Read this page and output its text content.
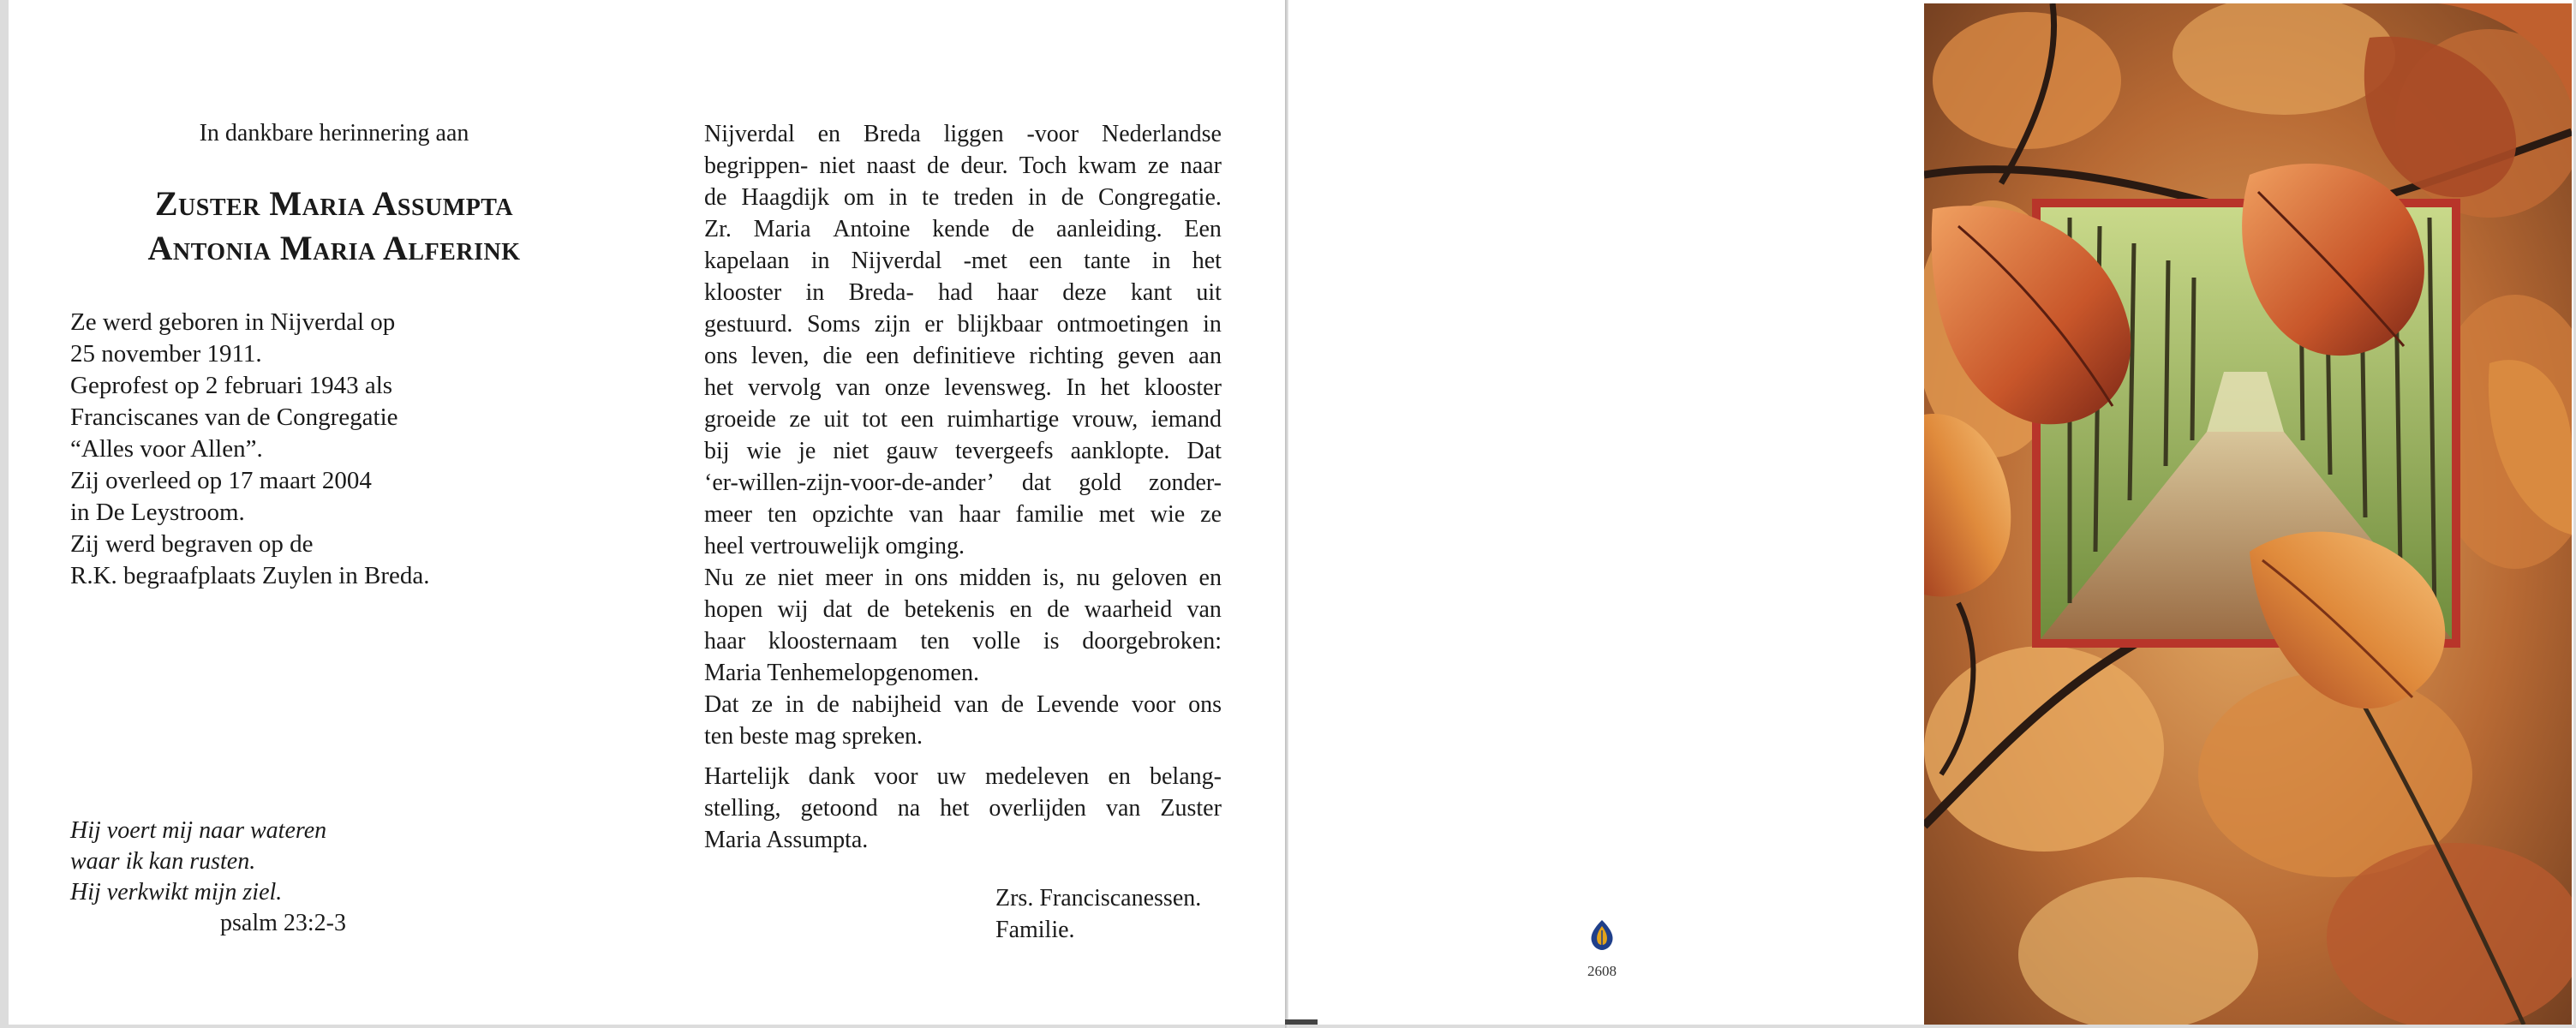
In dankbare herinnering aan
Zuster Maria Assumpta
Antonia Maria Alferink
Ze werd geboren in Nijverdal op
25 november 1911.
Geprofest op 2 februari 1943 als
Franciscanes van de Congregatie
“Alles voor Allen”.
Zij overleed op 17 maart 2004
in De Leystroom.
Zij werd begraven op de
R.K. begraafplaats Zuylen in Breda.
Hij voert mij naar wateren
waar ik kan rusten.
Hij verkwikt mijn ziel.
psalm 23:2-3
Nijverdal en Breda liggen -voor Nederlandse
begrippen- niet naast de deur. Toch kwam ze naar
de Haagdijk om in te treden in de Congregatie.
Zr. Maria Antoine kende de aanleiding. Een
kapelaan in Nijverdal -met een tante in het
klooster in Breda- had haar deze kant uit
gestuurd. Soms zijn er blijkbaar ontmoetingen in
ons leven, die een definitieve richting geven aan
het vervolg van onze levensweg. In het klooster
groeide ze uit tot een ruimhartige vrouw, iemand
bij wie je niet gauw tevergeefs aanklopte. Dat
‘er-willen-zijn-voor-de-ander’ dat gold zonder-
meer ten opzichte van haar familie met wie ze
heel vertrouwelijk omging.
Nu ze niet meer in ons midden is, nu geloven en
hopen wij dat de betekenis en de waarheid van
haar kloosternaam ten volle is doorgebroken:
Maria Tenhemelopgenomen.
Dat ze in de nabijheid van de Levende voor ons
ten beste mag spreken.
Hartelijk dank voor uw medeleven en belang-
stelling, getoond na het overlijden van Zuster
Maria Assumpta.
Zrs. Franciscanessen.
Familie.
2608
